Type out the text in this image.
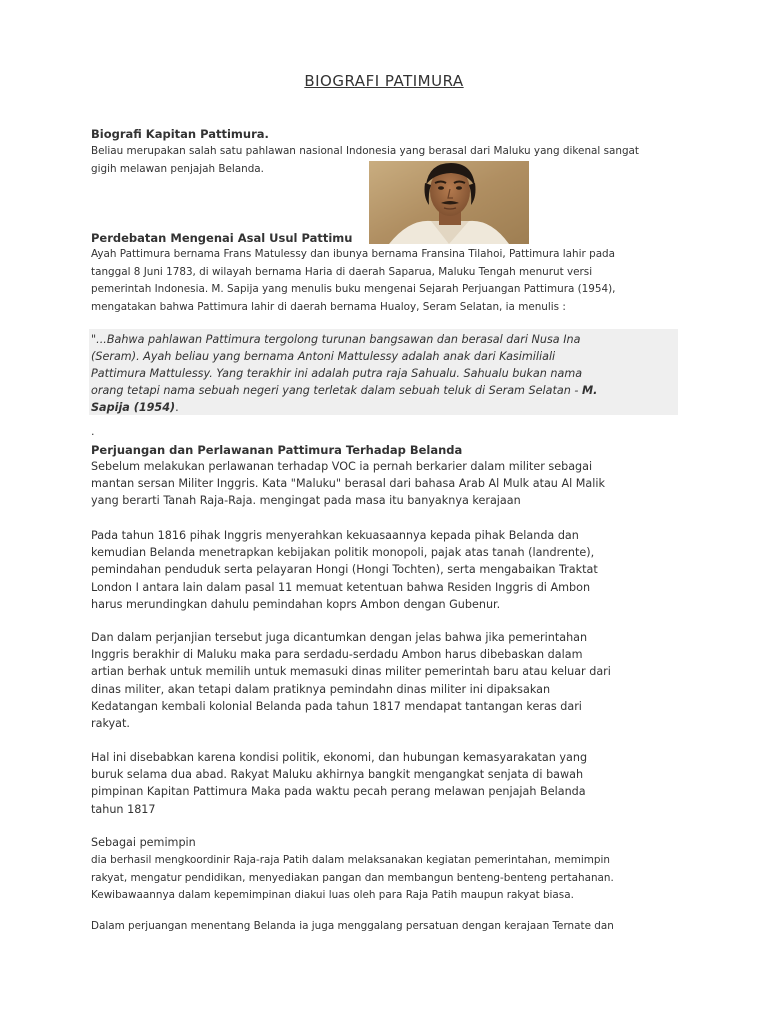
BIOGRAFI PATIMURA
Biografi Kapitan Pattimura.
Beliau merupakan salah satu pahlawan nasional Indonesia yang berasal dari Maluku yang dikenal sangat
gigih melawan penjajah Belanda.
Perdebatan Mengenai Asal Usul Pattimu
Ayah Pattimura bernama Frans Matulessy dan ibunya bernama Fransina Tilahoi, Pattimura lahir pada
tanggal 8 Juni 1783, di wilayah bernama Haria di daerah Saparua, Maluku Tengah menurut versi
pemerintah Indonesia. M. Sapija yang menulis buku mengenai Sejarah Perjuangan Pattimura (1954),
mengatakan bahwa Pattimura lahir di daerah bernama Hualoy, Seram Selatan, ia menulis :
"...Bahwa pahlawan Pattimura tergolong turunan bangsawan dan berasal dari Nusa Ina
(Seram). Ayah beliau yang bernama Antoni Mattulessy adalah anak dari Kasimiliali
Pattimura Mattulessy. Yang terakhir ini adalah putra raja Sahualu. Sahualu bukan nama
orang tetapi nama sebuah negeri yang terletak dalam sebuah teluk di Seram Selatan - M.
Sapija (1954).
.
Perjuangan dan Perlawanan Pattimura Terhadap Belanda
Sebelum melakukan perlawanan terhadap VOC ia pernah berkarier dalam militer sebagai
mantan sersan Militer Inggris. Kata "Maluku" berasal dari bahasa Arab Al Mulk atau Al Malik
yang berarti Tanah Raja-Raja. mengingat pada masa itu banyaknya kerajaan
Pada tahun 1816 pihak Inggris menyerahkan kekuasaannya kepada pihak Belanda dan
kemudian Belanda menetrapkan kebijakan politik monopoli, pajak atas tanah (landrente),
pemindahan penduduk serta pelayaran Hongi (Hongi Tochten), serta mengabaikan Traktat
London I antara lain dalam pasal 11 memuat ketentuan bahwa Residen Inggris di Ambon
harus merundingkan dahulu pemindahan koprs Ambon dengan Gubenur.
Dan dalam perjanjian tersebut juga dicantumkan dengan jelas bahwa jika pemerintahan
Inggris berakhir di Maluku maka para serdadu-serdadu Ambon harus dibebaskan dalam
artian berhak untuk memilih untuk memasuki dinas militer pemerintah baru atau keluar dari
dinas militer, akan tetapi dalam pratiknya pemindahn dinas militer ini dipaksakan
Kedatangan kembali kolonial Belanda pada tahun 1817 mendapat tantangan keras dari
rakyat.
Hal ini disebabkan karena kondisi politik, ekonomi, dan hubungan kemasyarakatan yang
buruk selama dua abad. Rakyat Maluku akhirnya bangkit mengangkat senjata di bawah
pimpinan Kapitan Pattimura Maka pada waktu pecah perang melawan penjajah Belanda
tahun 1817
Sebagai pemimpin
dia berhasil mengkoordinir Raja-raja Patih dalam melaksanakan kegiatan pemerintahan, memimpin
rakyat, mengatur pendidikan, menyediakan pangan dan membangun benteng-benteng pertahanan.
Kewibawaannya dalam kepemimpinan diakui luas oleh para Raja Patih maupun rakyat biasa.
Dalam perjuangan menentang Belanda ia juga menggalang persatuan dengan kerajaan Ternate dan
